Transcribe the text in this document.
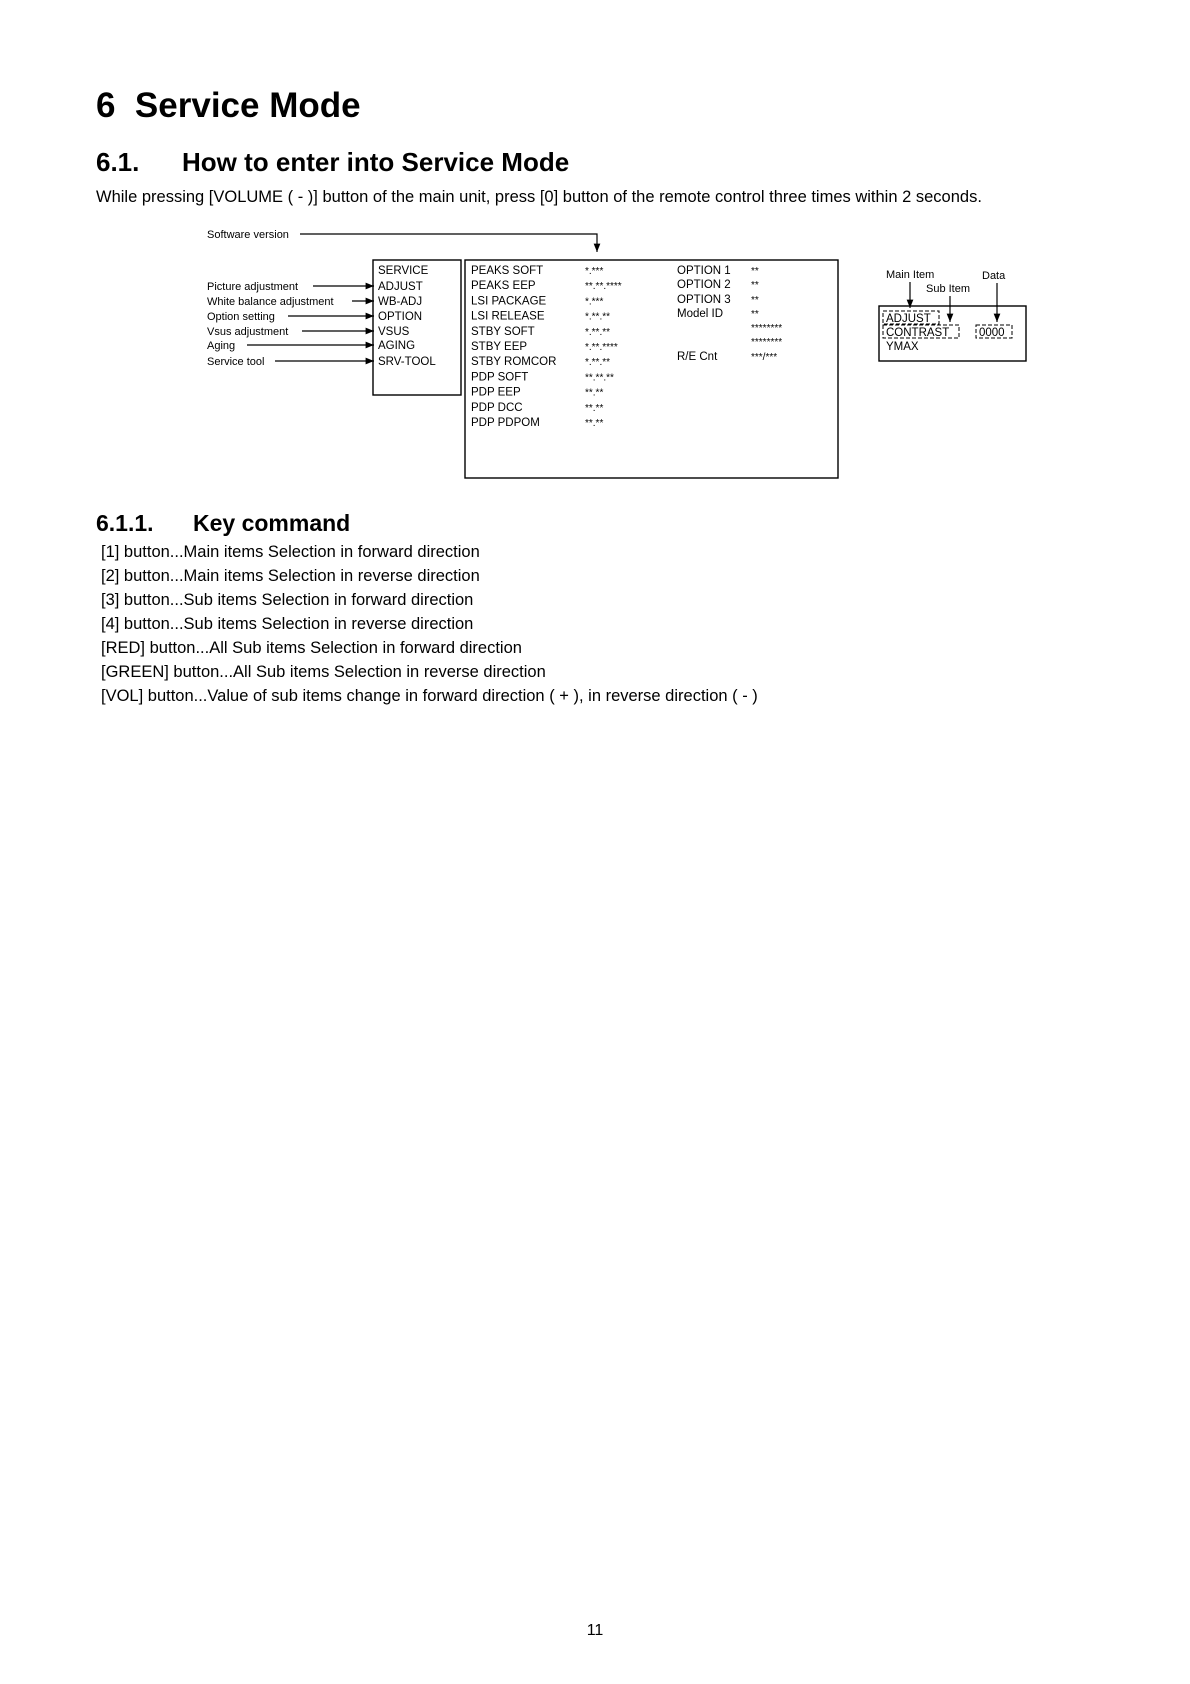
6 Service Mode
6.1. How to enter into Service Mode
While pressing [VOLUME ( - )] button of the main unit, press [0] button of the remote control three times within 2 seconds.
Software version
Picture adjustment
White balance adjustment
Option setting
Vsus adjustment
Aging
Service tool
SERVICE
ADJUST
WB-ADJ
OPTION
VSUS
AGING
SRV-TOOL
PEAKS SOFT	*.***
PEAKS EEP	**.**.****
LSI PACKAGE	*.***
LSI RELEASE	*.**.**
STBY SOFT	*.**.**
STBY EEP	*.**.****
STBY ROMCOR	*.**.**
PDP SOFT	**.**.**
PDP EEP	**.**
PDP DCC	**.**
PDP PDPOM	**.**
OPTION 1 **
OPTION 2 **
OPTION 3 **
Model ID	**
********
********
R/E Cnt	***/***
Main Item
Sub Item
Data
ADJUST
CONTRAST	0000
YMAX
6.1.1. Key command
[1] button...Main items Selection in forward direction
[2] button...Main items Selection in reverse direction
[3] button...Sub items Selection in forward direction
[4] button...Sub items Selection in reverse direction
[RED] button...All Sub items Selection in forward direction
[GREEN] button...All Sub items Selection in reverse direction
[VOL] button...Value of sub items change in forward direction ( + ), in reverse direction ( - )
11
